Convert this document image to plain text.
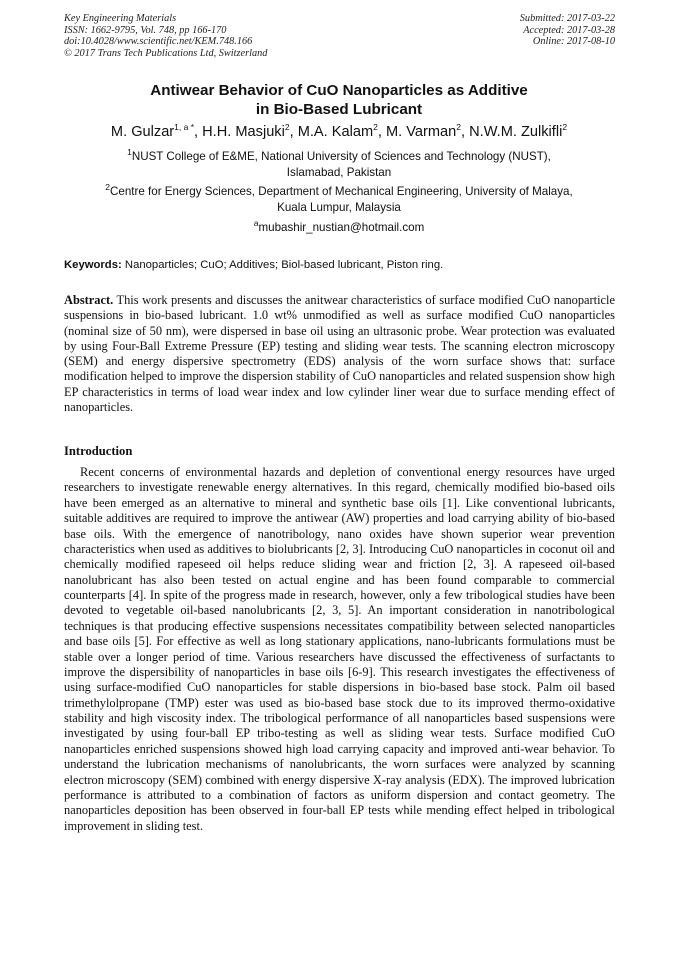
Key Engineering Materials
ISSN: 1662-9795, Vol. 748, pp 166-170
doi:10.4028/www.scientific.net/KEM.748.166
© 2017 Trans Tech Publications Ltd, Switzerland
Submitted: 2017-03-22
Accepted: 2017-03-28
Online: 2017-08-10
Antiwear Behavior of CuO Nanoparticles as Additive
in Bio-Based Lubricant
M. Gulzar$^{1, a *}$, H.H. Masjuki$^2$, M.A. Kalam$^2$, M. Varman$^2$, N.W.M. Zulkifli$^2$
$^1$NUST College of E&ME, National University of Sciences and Technology (NUST),
Islamabad, Pakistan
$^2$Centre for Energy Sciences, Department of Mechanical Engineering, University of Malaya,
Kuala Lumpur, Malaysia
$^a$mubashir_nustian@hotmail.com
Keywords: Nanoparticles; CuO; Additives; Biol-based lubricant, Piston ring.
Abstract. This work presents and discusses the anitwear characteristics of surface modified CuO nanoparticle suspensions in bio-based lubricant. 1.0 wt% unmodified as well as surface modified CuO nanoparticles (nominal size of 50 nm), were dispersed in base oil using an ultrasonic probe. Wear protection was evaluated by using Four-Ball Extreme Pressure (EP) testing and sliding wear tests. The scanning electron microscopy (SEM) and energy dispersive spectrometry (EDS) analysis of the worn surface shows that: surface modification helped to improve the dispersion stability of CuO nanoparticles and related suspension show high EP characteristics in terms of load wear index and low cylinder liner wear due to surface mending effect of nanoparticles.
Introduction
Recent concerns of environmental hazards and depletion of conventional energy resources have urged researchers to investigate renewable energy alternatives. In this regard, chemically modified bio-based oils have been emerged as an alternative to mineral and synthetic base oils [1]. Like conventional lubricants, suitable additives are required to improve the antiwear (AW) properties and load carrying ability of bio-based base oils. With the emergence of nanotribology, nano oxides have shown superior wear prevention characteristics when used as additives to biolubricants [2, 3]. Introducing CuO nanoparticles in coconut oil and chemically modified rapeseed oil helps reduce sliding wear and friction [2, 3]. A rapeseed oil-based nanolubricant has also been tested on actual engine and has been found comparable to commercial counterparts [4]. In spite of the progress made in research, however, only a few tribological studies have been devoted to vegetable oil-based nanolubricants [2, 3, 5]. An important consideration in nanotribological techniques is that producing effective suspensions necessitates compatibility between selected nanoparticles and base oils [5]. For effective as well as long stationary applications, nano-lubricants formulations must be stable over a longer period of time. Various researchers have discussed the effectiveness of surfactants to improve the dispersibility of nanoparticles in base oils [6-9]. This research investigates the effectiveness of using surface-modified CuO nanoparticles for stable dispersions in bio-based base stock. Palm oil based trimethylolpropane (TMP) ester was used as bio-based base stock due to its improved thermo-oxidative stability and high viscosity index. The tribological performance of all nanoparticles based suspensions were investigated by using four-ball EP tribo-testing as well as sliding wear tests. Surface modified CuO nanoparticles enriched suspensions showed high load carrying capacity and improved anti-wear behavior. To understand the lubrication mechanisms of nanolubricants, the worn surfaces were analyzed by scanning electron microscopy (SEM) combined with energy dispersive X-ray analysis (EDX). The improved lubrication performance is attributed to a combination of factors as uniform dispersion and contact geometry. The nanoparticles deposition has been observed in four-ball EP tests while mending effect helped in tribological improvement in sliding test.
